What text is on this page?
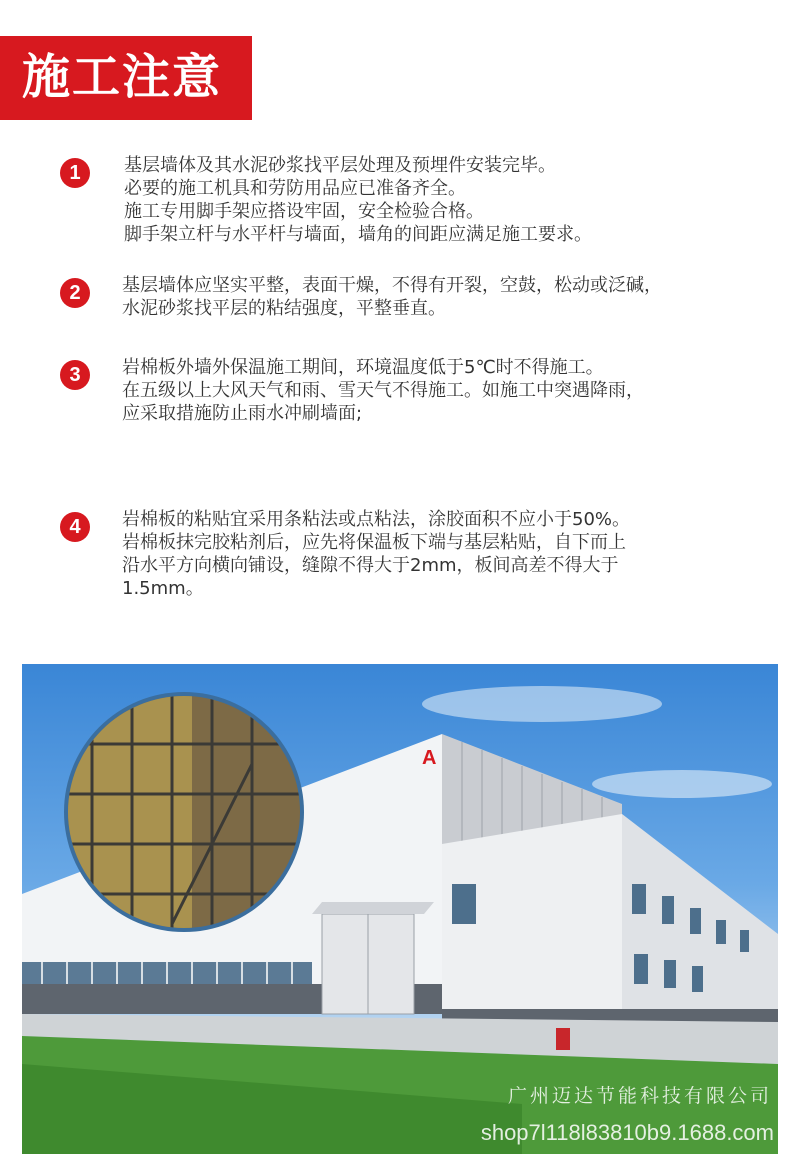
施工注意
1	基层墙体及其水泥砂浆找平层处理及预埋件安装完毕。
必要的施工机具和劳防用品应已准备齐全。
施工专用脚手架应搭设牢固，安全检验合格。
脚手架立杆与水平杆与墙面，墙角的间距应满足施工要求。
2	基层墙体应坚实平整，表面干燥，不得有开裂，空鼓，松动或泛碱，
水泥砂浆找平层的粘结强度，平整垂直。
3	岩棉板外墙外保温施工期间，环境温度低于5℃时不得施工。
在五级以上大风天气和雨、雪天气不得施工。如施工中突遇降雨，
应采取措施防止雨水冲刷墙面;
4	岩棉板的粘贴宜采用条粘法或点粘法，涂胶面积不应小于50%。
岩棉板抹完胶粘剂后，应先将保温板下端与基层粘贴，自下而上
沿水平方向横向铺设，缝隙不得大于2mm，板间高差不得大于
1.5mm。
A
广州迈达节能科技有限公司
shop7l118l83810b9.1688.com
